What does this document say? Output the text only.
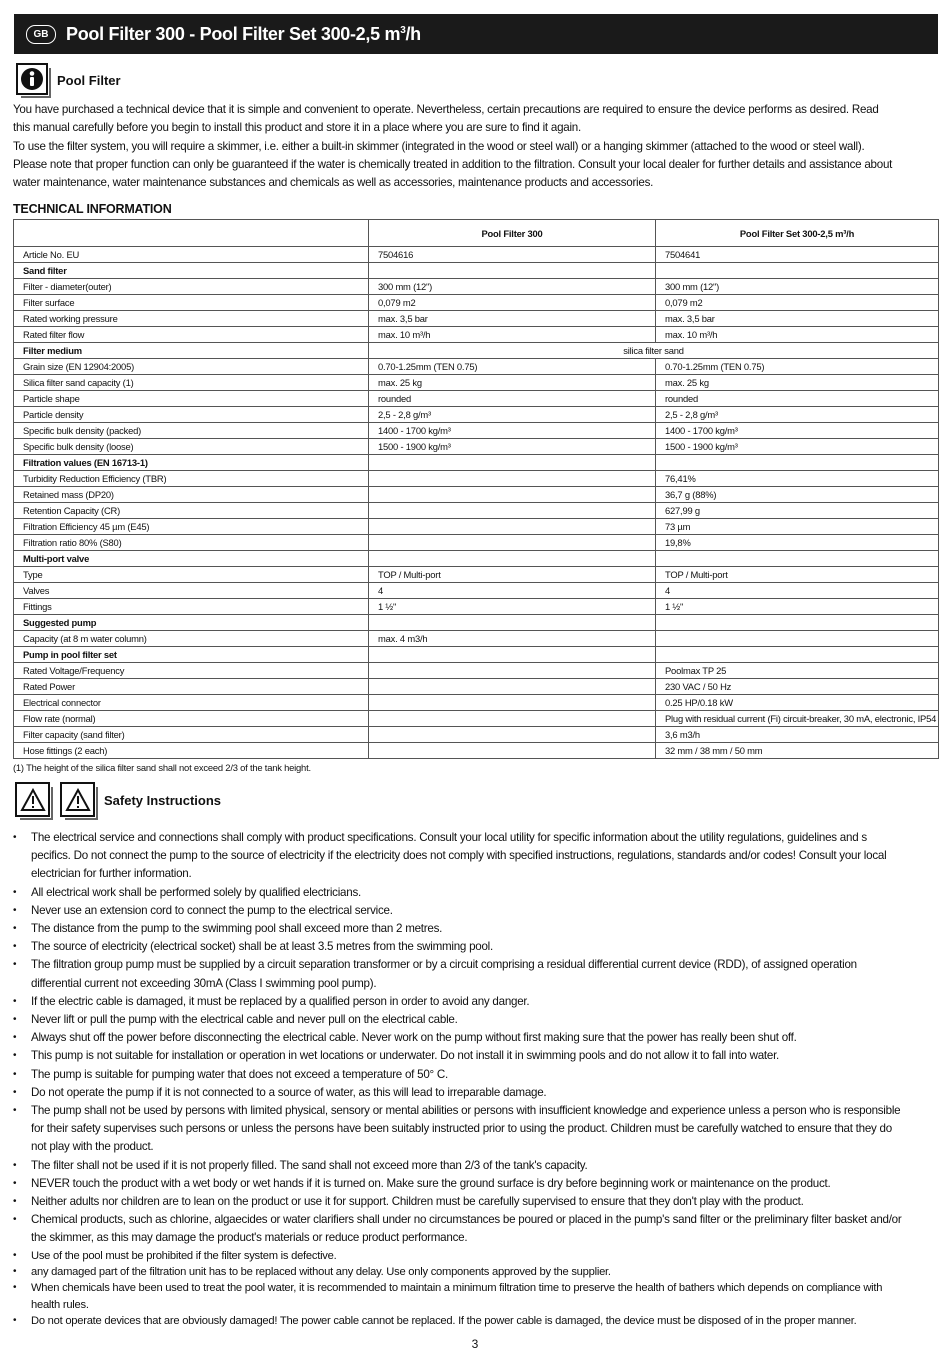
GB Pool Filter 300 - Pool Filter Set 300-2,5 $m^3/h$
Pool Filter

You have purchased a technical device that it is simple and convenient to operate. Nevertheless, certain precautions are required to ensure the device performs as desired. Read this manual carefully before you begin to install this product and store it in a place where you are sure to find it again.

To use the filter system, you will require a skimmer, i.e. either a built-in skimmer (integrated in the wood or steel wall) or a hanging skimmer (attached to the wood or steel wall). Please note that proper function can only be guaranteed if the water is chemically treated in addition to the filtration. Consult your local dealer for further details and assistance about water maintenance, water maintenance substances and chemicals as well as accessories, maintenance products and accessories.

TECHNICAL INFORMATION
	Pool Filter 300	Pool Filter Set 300-2,5 m³/h
Article No. EU	7504616	7504641
Sand filter		
Filter - diameter(outer)	300 mm (12")	300 mm (12")
Filter surface	0,079 m2	0,079 m2
Rated working pressure	max. 3,5 bar	max. 3,5 bar
Rated filter flow	max. 10 m³/h	max. 10 m³/h
Filter medium	silica filter sand	
Grain size (EN 12904:2005)	0.70-1.25mm (TEN 0.75)	0.70-1.25mm (TEN 0.75)
Silica filter sand capacity (1)	max. 25 kg	max. 25 kg
Particle shape	rounded	rounded
Particle density	2,5 - 2,8 g/m³	2,5 - 2,8 g/m³
Specific bulk density (packed)	1400 - 1700 kg/m³	1400 - 1700 kg/m³
Specific bulk density (loose)	1500 - 1900 kg/m³	1500 - 1900 kg/m³
Filtration values (EN 16713-1)		
Turbidity Reduction Efficiency (TBR)		76,41%
Retained mass (DP20)		36,7 g (88%)
Retention Capacity (CR)		627,99 g
Filtration Efficiency 45 µm (E45)		73 µm
Filtration ratio 80% (S80)		19,8%
Multi-port valve		
Type	TOP / Multi-port	TOP / Multi-port
Valves	4	4
Fittings	1 ½"	1 ½"
Suggested pump		
Capacity (at 8 m water column)	max. 4 m3/h	
Pump in pool filter set		
Rated Voltage/Frequency		Poolmax TP 25
Rated Power		230 VAC / 50 Hz
Electrical connector		0.25 HP/0.18 kW
Flow rate (normal)		Plug with residual current (Fi) circuit-breaker, 30 mA, electronic, IP54
Filter capacity (sand filter)		3,6 m3/h
Hose fittings (2 each)		32 mm / 38 mm / 50 mm
(1) The height of the silica filter sand shall not exceed 2/3 of the tank height.
Safety Instructions
• The electrical service and connections shall comply with product specifications. Consult your local utility for specific information about the utility regulations, guidelines and s pecifics. Do not connect the pump to the source of electricity if the electricity does not comply with specified instructions, regulations, standards and/or codes! Consult your local electrician for further information.
• All electrical work shall be performed solely by qualified electricians.
• Never use an extension cord to connect the pump to the electrical service.
• The distance from the pump to the swimming pool shall exceed more than 2 metres.
• The source of electricity (electrical socket) shall be at least 3.5 metres from the swimming pool.
• The filtration group pump must be supplied by a circuit separation transformer or by a circuit comprising a residual differential current device (RDD), of assigned operation differential current not exceeding 30mA (Class I swimming pool pump).
• If the electric cable is damaged, it must be replaced by a qualified person in order to avoid any danger.
• Never lift or pull the pump with the electrical cable and never pull on the electrical cable.
• Always shut off the power before disconnecting the electrical cable. Never work on the pump without first making sure that the power has really been shut off.
• This pump is not suitable for installation or operation in wet locations or underwater. Do not install it in swimming pools and do not allow it to fall into water.
• The pump is suitable for pumping water that does not exceed a temperature of 50° C.
• Do not operate the pump if it is not connected to a source of water, as this will lead to irreparable damage.
• The pump shall not be used by persons with limited physical, sensory or mental abilities or persons with insufficient knowledge and experience unless a person who is responsible for their safety supervises such persons or unless the persons have been suitably instructed prior to using the product. Children must be carefully watched to ensure that they do not play with the product.
• The filter shall not be used if it is not properly filled. The sand shall not exceed more than 2/3 of the tank's capacity.
• NEVER touch the product with a wet body or wet hands if it is turned on. Make sure the ground surface is dry before beginning work or maintenance on the product.
• Neither adults nor children are to lean on the product or use it for support. Children must be carefully supervised to ensure that they don't play with the product.
• Chemical products, such as chlorine, algaecides or water clarifiers shall under no circumstances be poured or placed in the pump's sand filter or the preliminary filter basket and/or the skimmer, as this may damage the product's materials or reduce product performance.
• Use of the pool must be prohibited if the filter system is defective.
• any damaged part of the filtration unit has to be replaced without any delay. Use only components approved by the supplier.
• When chemicals have been used to treat the pool water, it is recommended to maintain a minimum filtration time to preserve the health of bathers which depends on compliance with health rules.
• Do not operate devices that are obviously damaged! The power cable cannot be replaced. If the power cable is damaged, the device must be disposed of in the proper manner.
3
